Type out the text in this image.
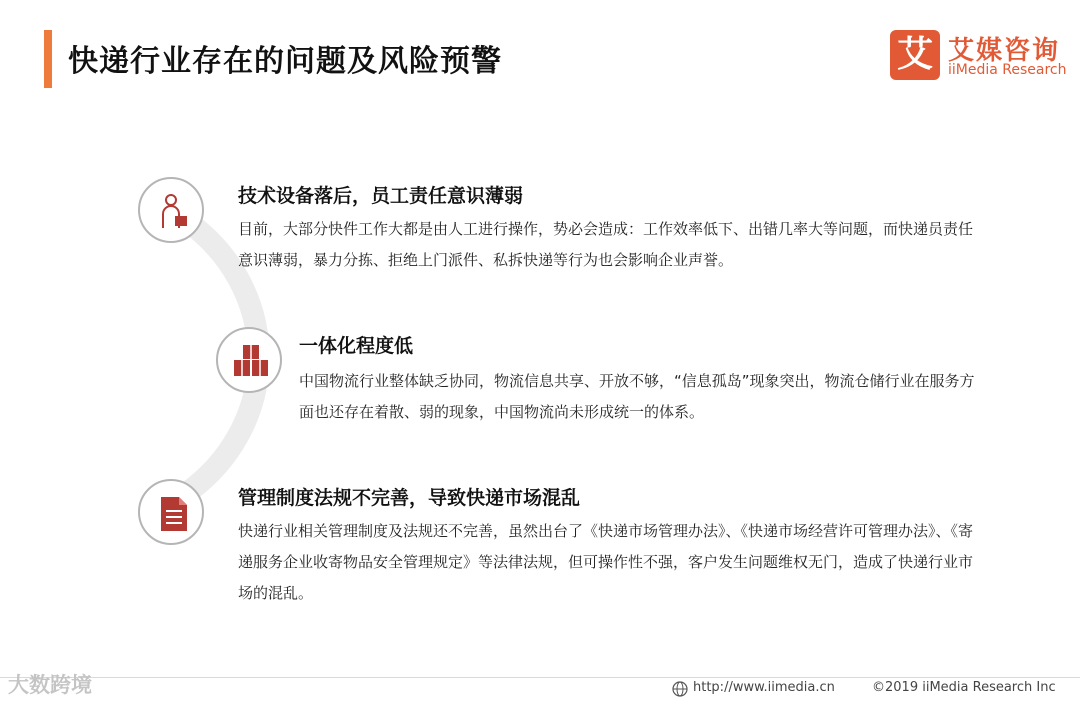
快递行业存在的问题及风险预警	艾 艾媒咨询
iiMedia Research
技术设备落后，员工责任意识薄弱
目前，大部分快件工作大都是由人工进行操作，势必会造成：工作效率低下、出错几率大等问题，而快递员责任意识薄弱，暴力分拣、拒绝上门派件、私拆快递等行为也会影响企业声誉。
一体化程度低
中国物流行业整体缺乏协同，物流信息共享、开放不够，“信息孤岛”现象突出，物流仓储行业在服务方面也还存在着散、弱的现象，中国物流尚未形成统一的体系。
管理制度法规不完善，导致快递市场混乱
快递行业相关管理制度及法规还不完善，虽然出台了《快递市场管理办法》、《快递市场经营许可管理办法》、《寄递服务企业收寄物品安全管理规定》等法律法规，但可操作性不强，客户发生问题维权无门，造成了快递行业市场的混乱。
大数跨境	http://www.iimedia.cn	©2019 iiMedia Research Inc
